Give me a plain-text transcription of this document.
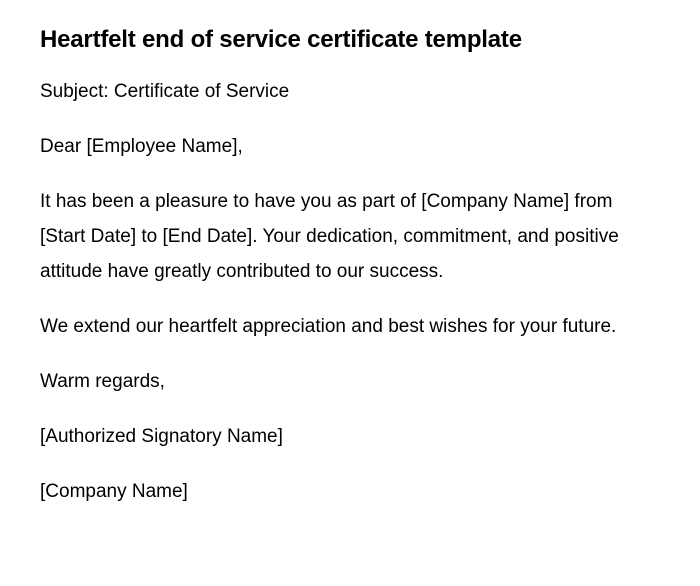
Heartfelt end of service certificate template

Subject: Certificate of Service

Dear [Employee Name],

It has been a pleasure to have you as part of [Company Name] from [Start Date] to [End Date]. Your dedication, commitment, and positive attitude have greatly contributed to our success.

We extend our heartfelt appreciation and best wishes for your future.

Warm regards,

[Authorized Signatory Name]

[Company Name]
